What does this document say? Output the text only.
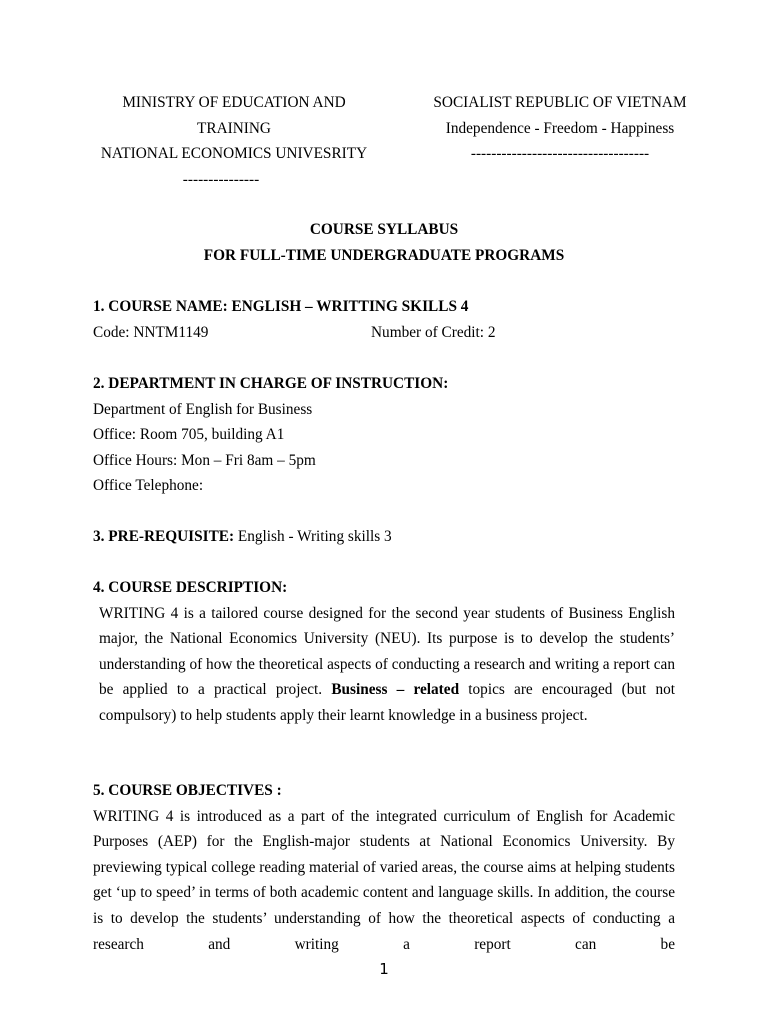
MINISTRY OF EDUCATION AND
TRAINING
NATIONAL ECONOMICS UNIVESRITY
---------------
SOCIALIST REPUBLIC OF VIETNAM
Independence - Freedom - Happiness
-----------------------------------
COURSE SYLLABUS
FOR FULL-TIME UNDERGRADUATE PROGRAMS
1. COURSE NAME: ENGLISH – WRITTING SKILLS 4
Code: NNTM1149	Number of Credit: 2
2. DEPARTMENT IN CHARGE OF INSTRUCTION:
Department of English for Business
Office: Room 705, building A1
Office Hours: Mon – Fri 8am – 5pm
Office Telephone:
3. PRE-REQUISITE: English - Writing skills 3
4. COURSE DESCRIPTION:
WRITING 4 is a tailored course designed for the second year students of Business English major, the National Economics University (NEU). Its purpose is to develop the students’ understanding of how the theoretical aspects of conducting a research and writing a report can be applied to a practical project. Business – related topics are encouraged (but not compulsory) to help students apply their learnt knowledge in a business project.
5. COURSE OBJECTIVES :
WRITING 4 is introduced as a part of the integrated curriculum of English for Academic Purposes (AEP) for the English-major students at National Economics University. By previewing typical college reading material of varied areas, the course aims at helping students get ‘up to speed’ in terms of both academic content and language skills. In addition, the course is to develop the students’ understanding of how the theoretical aspects of conducting a research and writing a report can be
1
